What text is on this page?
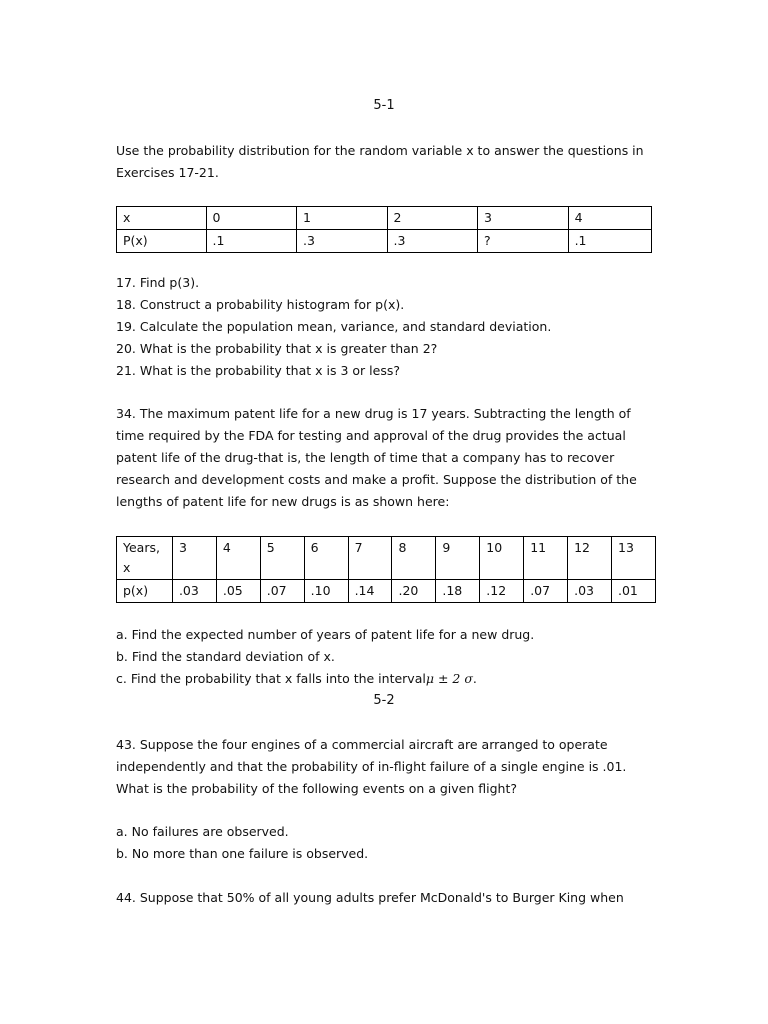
5-1

Use the probability distribution for the random variable x to answer the questions in Exercises 17-21.

x	0	1	2	3	4
P(x)	.1	.3	.3	?	.1

17. Find p(3).

18. Construct a probability histogram for p(x).

19. Calculate the population mean, variance, and standard deviation.

20. What is the probability that x is greater than 2?

21. What is the probability that x is 3 or less?

34. The maximum patent life for a new drug is 17 years. Subtracting the length of time required by the FDA for testing and approval of the drug provides the actual patent life of the drug-that is, the length of time that a company has to recover research and development costs and make a profit. Suppose the distribution of the lengths of patent life for new drugs is as shown here:

Years,
x	3	4	5	6	7	8	9	10	11	12	13
p(x)	.03	.05	.07	.10	.14	.20	.18	.12	.07	.03	.01

a. Find the expected number of years of patent life for a new drug.

b. Find the standard deviation of x.

c. Find the probability that x falls into the intervalμ ± 2 σ.

5-2

43. Suppose the four engines of a commercial aircraft are arranged to operate independently and that the probability of in-flight failure of a single engine is .01. What is the probability of the following events on a given flight?

a. No failures are observed.

b. No more than one failure is observed.

44. Suppose that 50% of all young adults prefer McDonald's to Burger King when
